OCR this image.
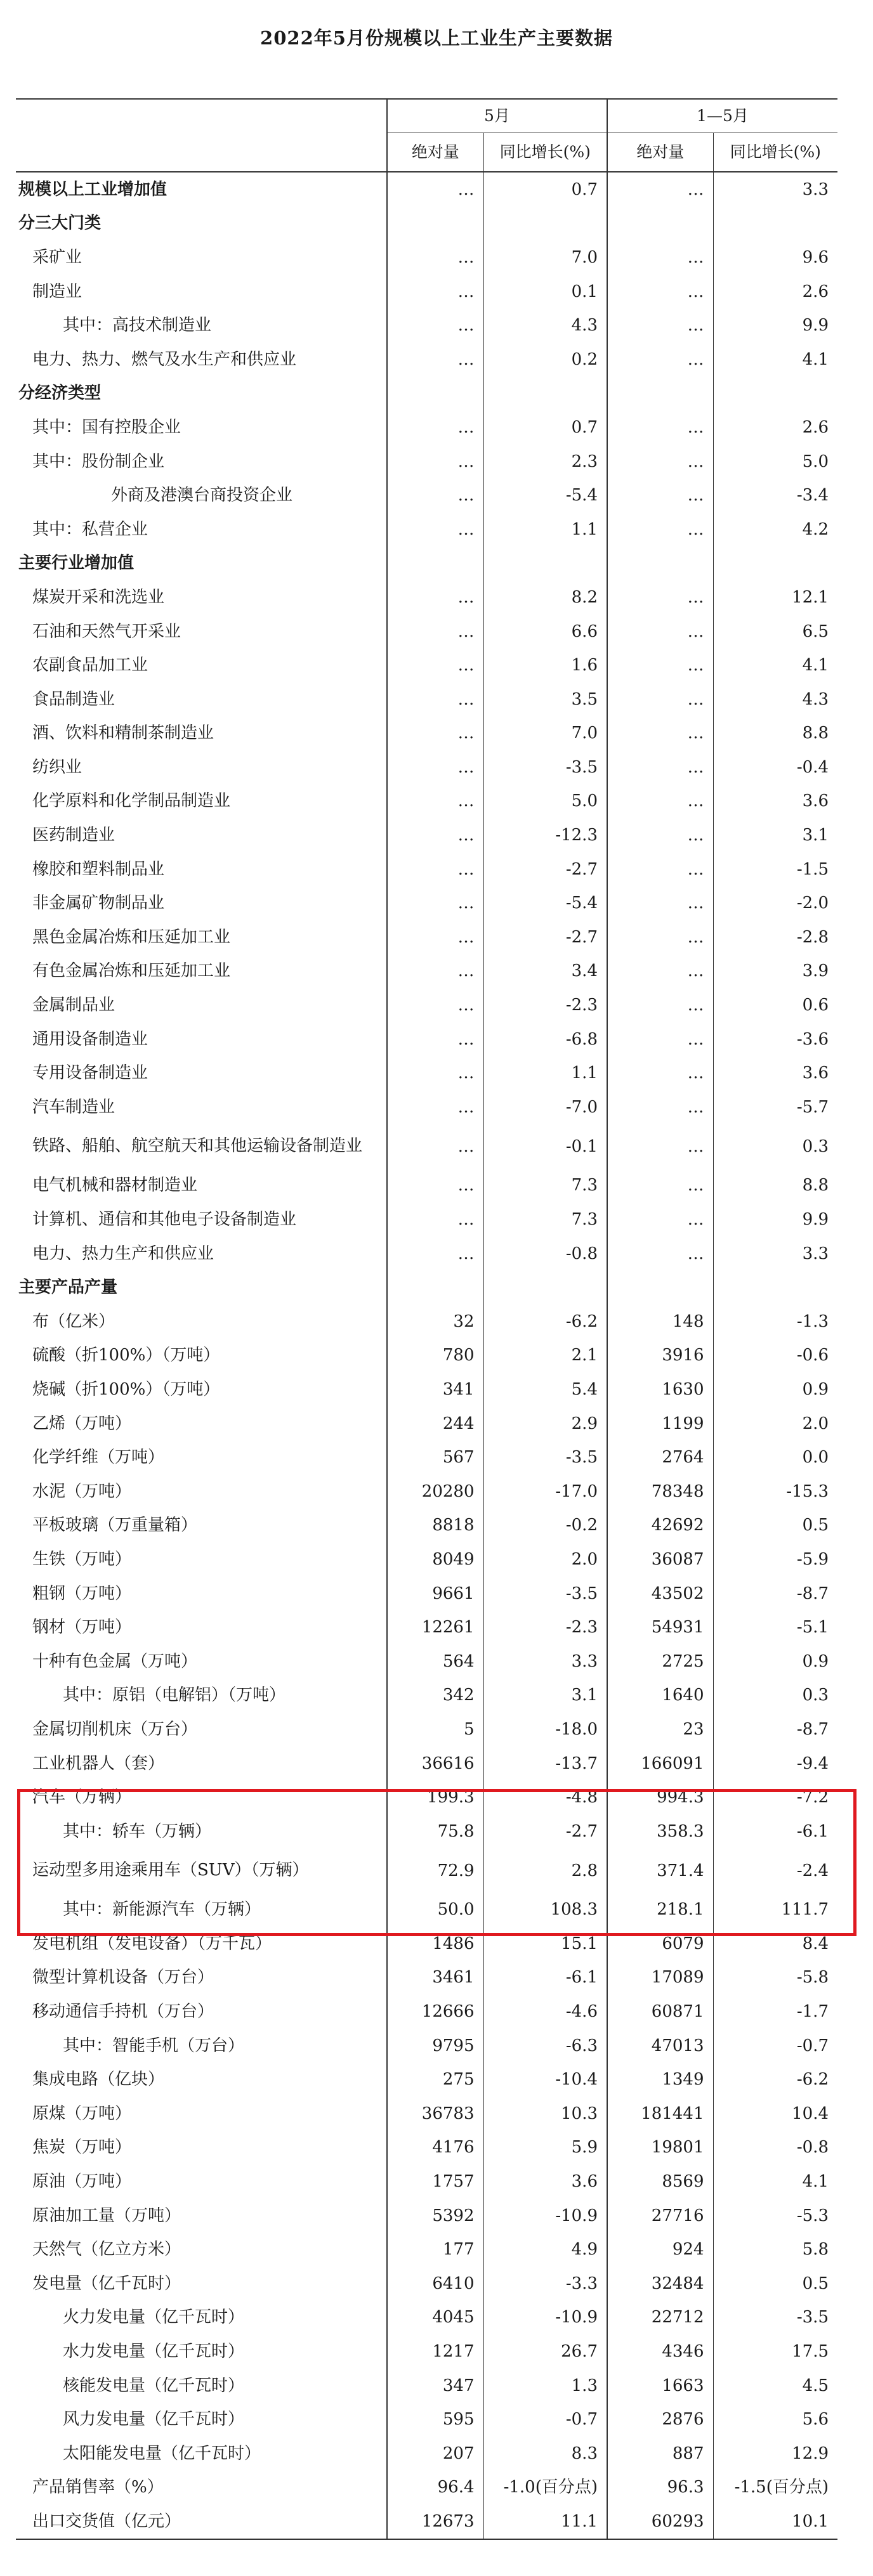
2022年5月份规模以上工业生产主要数据
	5月		1—5月	
	绝对量	同比增长(%)	绝对量	同比增长(%)
规模以上工业增加值	…	0.7	…	3.3
分三大门类				
采矿业	…	7.0	…	9.6
制造业	…	0.1	…	2.6
其中：高技术制造业	…	4.3	…	9.9
电力、热力、燃气及水生产和供应业	…	0.2	…	4.1
分经济类型				
其中：国有控股企业	…	0.7	…	2.6
其中：股份制企业	…	2.3	…	5.0
外商及港澳台商投资企业	…	-5.4	…	-3.4
其中：私营企业	…	1.1	…	4.2
主要行业增加值				
煤炭开采和洗选业	…	8.2	…	12.1
石油和天然气开采业	…	6.6	…	6.5
农副食品加工业	…	1.6	…	4.1
食品制造业	…	3.5	…	4.3
酒、饮料和精制茶制造业	…	7.0	…	8.8
纺织业	…	-3.5	…	-0.4
化学原料和化学制品制造业	…	5.0	…	3.6
医药制造业	…	-12.3	…	3.1
橡胶和塑料制品业	…	-2.7	…	-1.5
非金属矿物制品业	…	-5.4	…	-2.0
黑色金属冶炼和压延加工业	…	-2.7	…	-2.8
有色金属冶炼和压延加工业	…	3.4	…	3.9
金属制品业	…	-2.3	…	0.6
通用设备制造业	…	-6.8	…	-3.6
专用设备制造业	…	1.1	…	3.6
汽车制造业	…	-7.0	…	-5.7
铁路、船舶、航空航天和其他运输设备制造业	…	-0.1	…	0.3
电气机械和器材制造业	…	7.3	…	8.8
计算机、通信和其他电子设备制造业	…	7.3	…	9.9
电力、热力生产和供应业	…	-0.8	…	3.3
主要产品产量				
布（亿米）	32	-6.2	148	-1.3
硫酸（折100%）（万吨）	780	2.1	3916	-0.6
烧碱（折100%）（万吨）	341	5.4	1630	0.9
乙烯（万吨）	244	2.9	1199	2.0
化学纤维（万吨）	567	-3.5	2764	0.0
水泥（万吨）	20280	-17.0	78348	-15.3
平板玻璃（万重量箱）	8818	-0.2	42692	0.5
生铁（万吨）	8049	2.0	36087	-5.9
粗钢（万吨）	9661	-3.5	43502	-8.7
钢材（万吨）	12261	-2.3	54931	-5.1
十种有色金属（万吨）	564	3.3	2725	0.9
其中：原铝（电解铝）（万吨）	342	3.1	1640	0.3
金属切削机床（万台）	5	-18.0	23	-8.7
工业机器人（套）	36616	-13.7	166091	-9.4
汽车（万辆）	199.3	-4.8	994.3	-7.2
其中：轿车（万辆）	75.8	-2.7	358.3	-6.1
运动型多用途乘用车（SUV）（万辆）	72.9	2.8	371.4	-2.4
其中：新能源汽车（万辆）	50.0	108.3	218.1	111.7
发电机组（发电设备）（万千瓦）	1486	15.1	6079	8.4
微型计算机设备（万台）	3461	-6.1	17089	-5.8
移动通信手持机（万台）	12666	-4.6	60871	-1.7
其中：智能手机（万台）	9795	-6.3	47013	-0.7
集成电路（亿块）	275	-10.4	1349	-6.2
原煤（万吨）	36783	10.3	181441	10.4
焦炭（万吨）	4176	5.9	19801	-0.8
原油（万吨）	1757	3.6	8569	4.1
原油加工量（万吨）	5392	-10.9	27716	-5.3
天然气（亿立方米）	177	4.9	924	5.8
发电量（亿千瓦时）	6410	-3.3	32484	0.5
火力发电量（亿千瓦时）	4045	-10.9	22712	-3.5
水力发电量（亿千瓦时）	1217	26.7	4346	17.5
核能发电量（亿千瓦时）	347	1.3	1663	4.5
风力发电量（亿千瓦时）	595	-0.7	2876	5.6
太阳能发电量（亿千瓦时）	207	8.3	887	12.9
产品销售率（%）	96.4	-1.0(百分点)	96.3	-1.5(百分点)
出口交货值（亿元）	12673	11.1	60293	10.1
